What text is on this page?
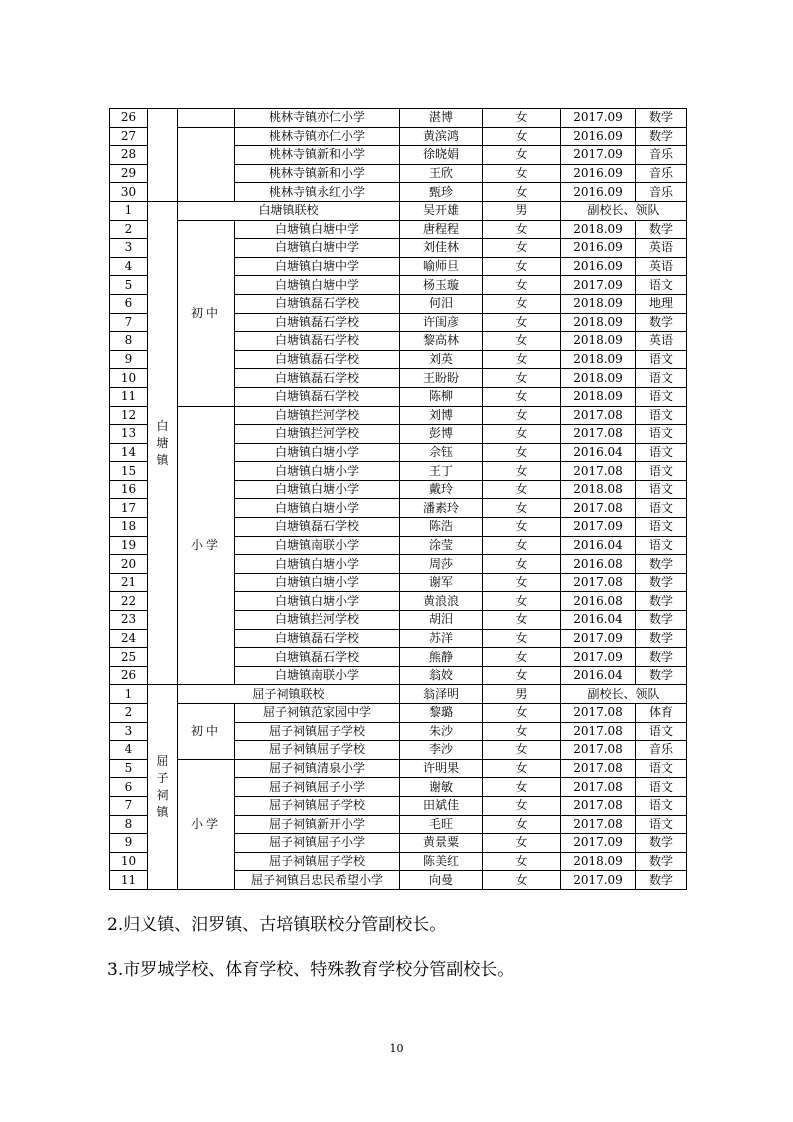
26			桃林寺镇亦仁小学	湛博	女	2017.09	数学
27			桃林寺镇亦仁小学	黄滨鸿	女	2016.09	数学
28			桃林寺镇新和小学	徐晓娟	女	2017.09	音乐
29			桃林寺镇新和小学	王欣	女	2016.09	音乐
30			桃林寺镇永红小学	甄珍	女	2016.09	音乐
1	白塘镇	白塘镇联校		吴开雄	男	副校长、领队	
2		初中	白塘镇白塘中学	唐程程	女	2018.09	数学
3			白塘镇白塘中学	刘佳林	女	2016.09	英语
4			白塘镇白塘中学	喻师旦	女	2016.09	英语
5			白塘镇白塘中学	杨玉璇	女	2017.09	语文
6			白塘镇磊石学校	何汨	女	2018.09	地理
7			白塘镇磊石学校	许闺彦	女	2018.09	数学
8			白塘镇磊石学校	黎高林	女	2018.09	英语
9			白塘镇磊石学校	刘英	女	2018.09	语文
10			白塘镇磊石学校	王盼盼	女	2018.09	语文
11			白塘镇磊石学校	陈柳	女	2018.09	语文
12		小学	白塘镇拦河学校	刘博	女	2017.08	语文
13			白塘镇拦河学校	彭博	女	2017.08	语文
14			白塘镇白塘小学	佘钰	女	2016.04	语文
15			白塘镇白塘小学	王丁	女	2017.08	语文
16			白塘镇白塘小学	戴玲	女	2018.08	语文
17			白塘镇白塘小学	潘素玲	女	2017.08	语文
18			白塘镇磊石学校	陈浩	女	2017.09	语文
19			白塘镇南联小学	涂莹	女	2016.04	语文
20			白塘镇白塘小学	周莎	女	2016.08	数学
21			白塘镇白塘小学	谢军	女	2017.08	数学
22			白塘镇白塘小学	黄浪浪	女	2016.08	数学
23			白塘镇拦河学校	胡汨	女	2016.04	数学
24			白塘镇磊石学校	苏洋	女	2017.09	数学
25			白塘镇磊石学校	熊静	女	2017.09	数学
26			白塘镇南联小学	翁姣	女	2016.04	数学
1	屈子祠镇	屈子祠镇联校		翁泽明	男	副校长、领队	
2		初中	屈子祠镇范家园中学	黎璐	女	2017.08	体育
3			屈子祠镇屈子学校	朱沙	女	2017.08	语文
4			屈子祠镇屈子学校	李沙	女	2017.08	音乐
5		小学	屈子祠镇清泉小学	许明果	女	2017.08	语文
6			屈子祠镇屈子小学	谢敏	女	2017.08	语文
7			屈子祠镇屈子学校	田斌佳	女	2017.08	语文
8			屈子祠镇新开小学	毛旺	女	2017.08	语文
9			屈子祠镇屈子小学	黄景粟	女	2017.09	数学
10			屈子祠镇屈子学校	陈美红	女	2018.09	数学
11			屈子祠镇吕忠民希望小学	向曼	女	2017.09	数学
2.归义镇、汨罗镇、古培镇联校分管副校长。
3.市罗城学校、体育学校、特殊教育学校分管副校长。
10
